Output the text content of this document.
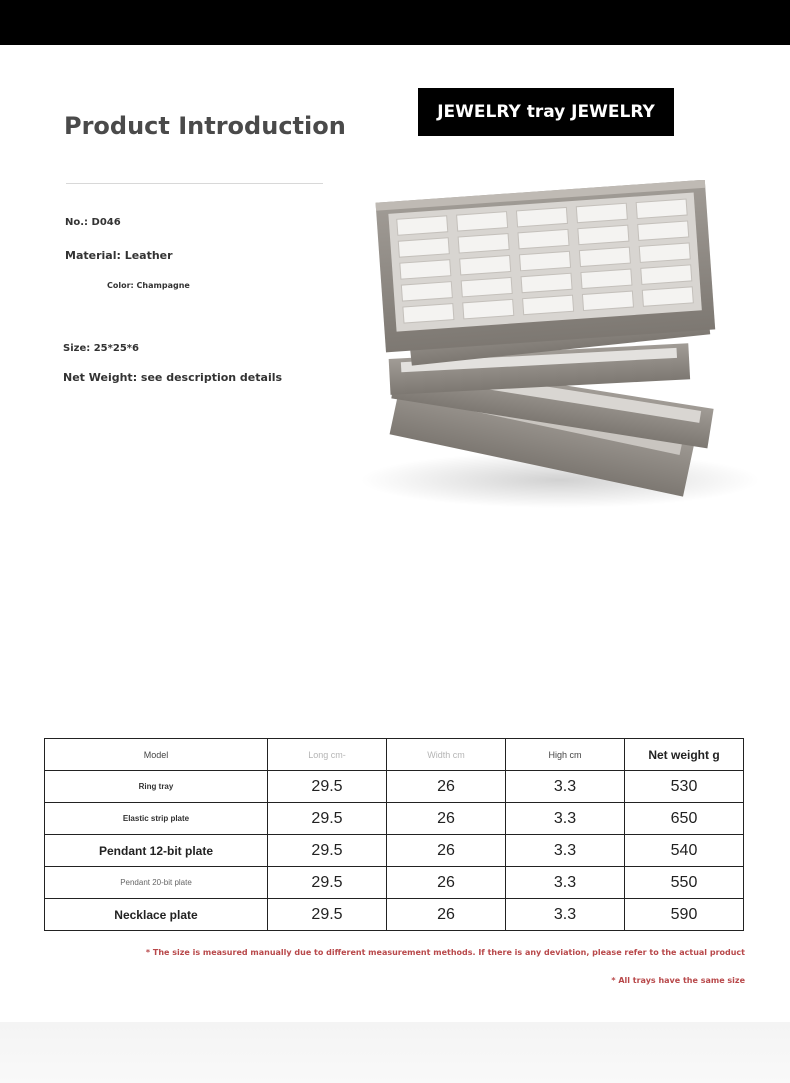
Product Introduction
No.: D046
Material: Leather
Color: Champagne
Size: 25*25*6
Net Weight: see description details
JEWELRY tray JEWELRY
Model	Long cm-	Width cm	High cm	Net weight g
Ring tray	29.5	26	3.3	530
Elastic strip plate	29.5	26	3.3	650
Pendant 12-bit plate	29.5	26	3.3	540
Pendant 20-bit plate	29.5	26	3.3	550
Necklace plate	29.5	26	3.3	590
* The size is measured manually due to different measurement methods. If there is any deviation, please refer to the actual product
* All trays have the same size
